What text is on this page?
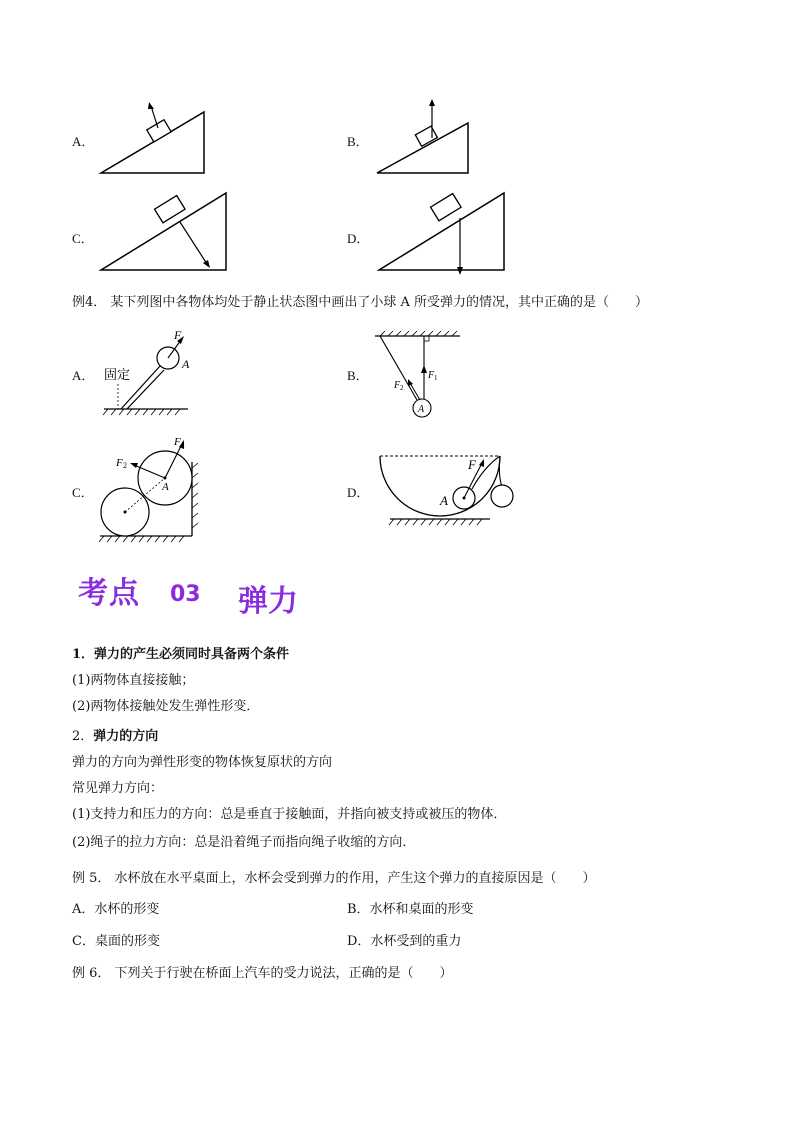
A．	B．
C．	D．
例4． 某下列图中各物体均处于静止状态图中画出了小球 A 所受弹力的情况，其中正确的是（　　）
A．
F
A
固定	B．
A
F 1
F 2
C．
F 1
F 2
A	D．
F
A
考点 03 弹力
1．弹力的产生必须同时具备两个条件
(1)两物体直接接触；
(2)两物体接触处发生弹性形变．
2．弹力的方向
弹力的方向为弹性形变的物体恢复原状的方向
常见弹力方向：
(1)支持力和压力的方向：总是垂直于接触面，并指向被支持或被压的物体．
(2)绳子的拉力方向：总是沿着绳子而指向绳子收缩的方向．
例 5． 水杯放在水平桌面上，水杯会受到弹力的作用，产生这个弹力的直接原因是（　　）
A．水杯的形变	B．水杯和桌面的形变
C．桌面的形变	D．水杯受到的重力
例 6． 下列关于行驶在桥面上汽车的受力说法，正确的是（　　）
